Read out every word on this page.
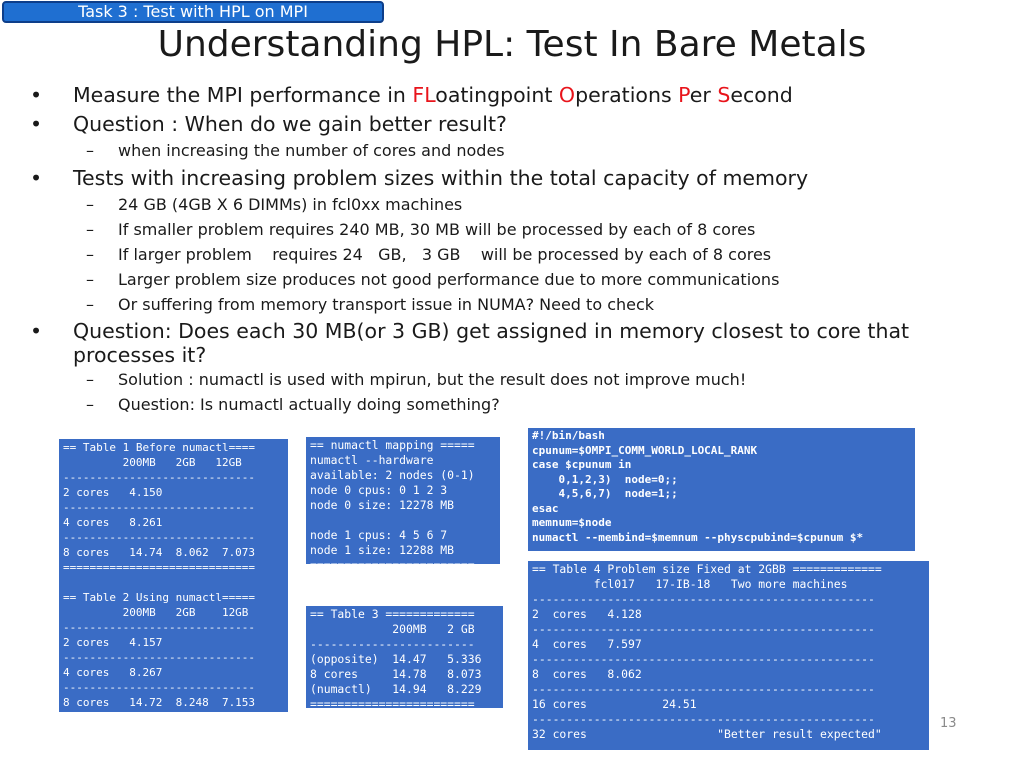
Task 3 : Test with HPL on MPI
Understanding HPL: Test In Bare Metals
• Measure the MPI performance in FLoatingpoint Operations Per Second
• Question : When do we gain better result?
– when increasing the number of cores and nodes
• Tests with increasing problem sizes within the total capacity of memory
– 24 GB (4GB X 6 DIMMs) in fcl0xx machines
– If smaller problem requires 240 MB, 30 MB will be processed by each of 8 cores
– If larger problem    requires 24   GB,   3 GB    will be processed by each of 8 cores
– Larger problem size produces not good performance due to more communications
– Or suffering from memory transport issue in NUMA? Need to check
• Question: Does each 30 MB(or 3 GB) get assigned in memory closest to core that processes it?
– Solution : numactl is used with mpirun, but the result does not improve much!
– Question: Is numactl actually doing something?
== Table 1 Before numactl====
200MB   2GB   12GB
-----------------------------
2 cores   4.150
-----------------------------
4 cores   8.261
-----------------------------
8 cores   14.74  8.062  7.073
=============================

== Table 2 Using numactl=====
200MB   2GB    12GB
-----------------------------
2 cores   4.157
-----------------------------
4 cores   8.267
-----------------------------
8 cores   14.72  8.248  7.153
== numactl mapping =====
numactl --hardware
available: 2 nodes (0-1)
node 0 cpus: 0 1 2 3
node 0 size: 12278 MB

node 1 cpus: 4 5 6 7
node 1 size: 12288 MB
========================
#!/bin/bash
cpunum=$OMPI_COMM_WORLD_LOCAL_RANK
case $cpunum in
0,1,2,3)  node=0;;
4,5,6,7)  node=1;;
esac
memnum=$node
numactl --membind=$memnum --physcpubind=$cpunum $*
== Table 3 =============
200MB   2 GB
------------------------
(opposite)  14.47   5.336
8 cores     14.78   8.073
(numactl)   14.94   8.229
========================
== Table 4 Problem size Fixed at 2GBB =============
fcl017   17-IB-18   Two more machines
--------------------------------------------------
2  cores   4.128
--------------------------------------------------
4  cores   7.597
--------------------------------------------------
8  cores   8.062
--------------------------------------------------
16 cores           24.51
--------------------------------------------------
32 cores                   "Better result expected"
13
